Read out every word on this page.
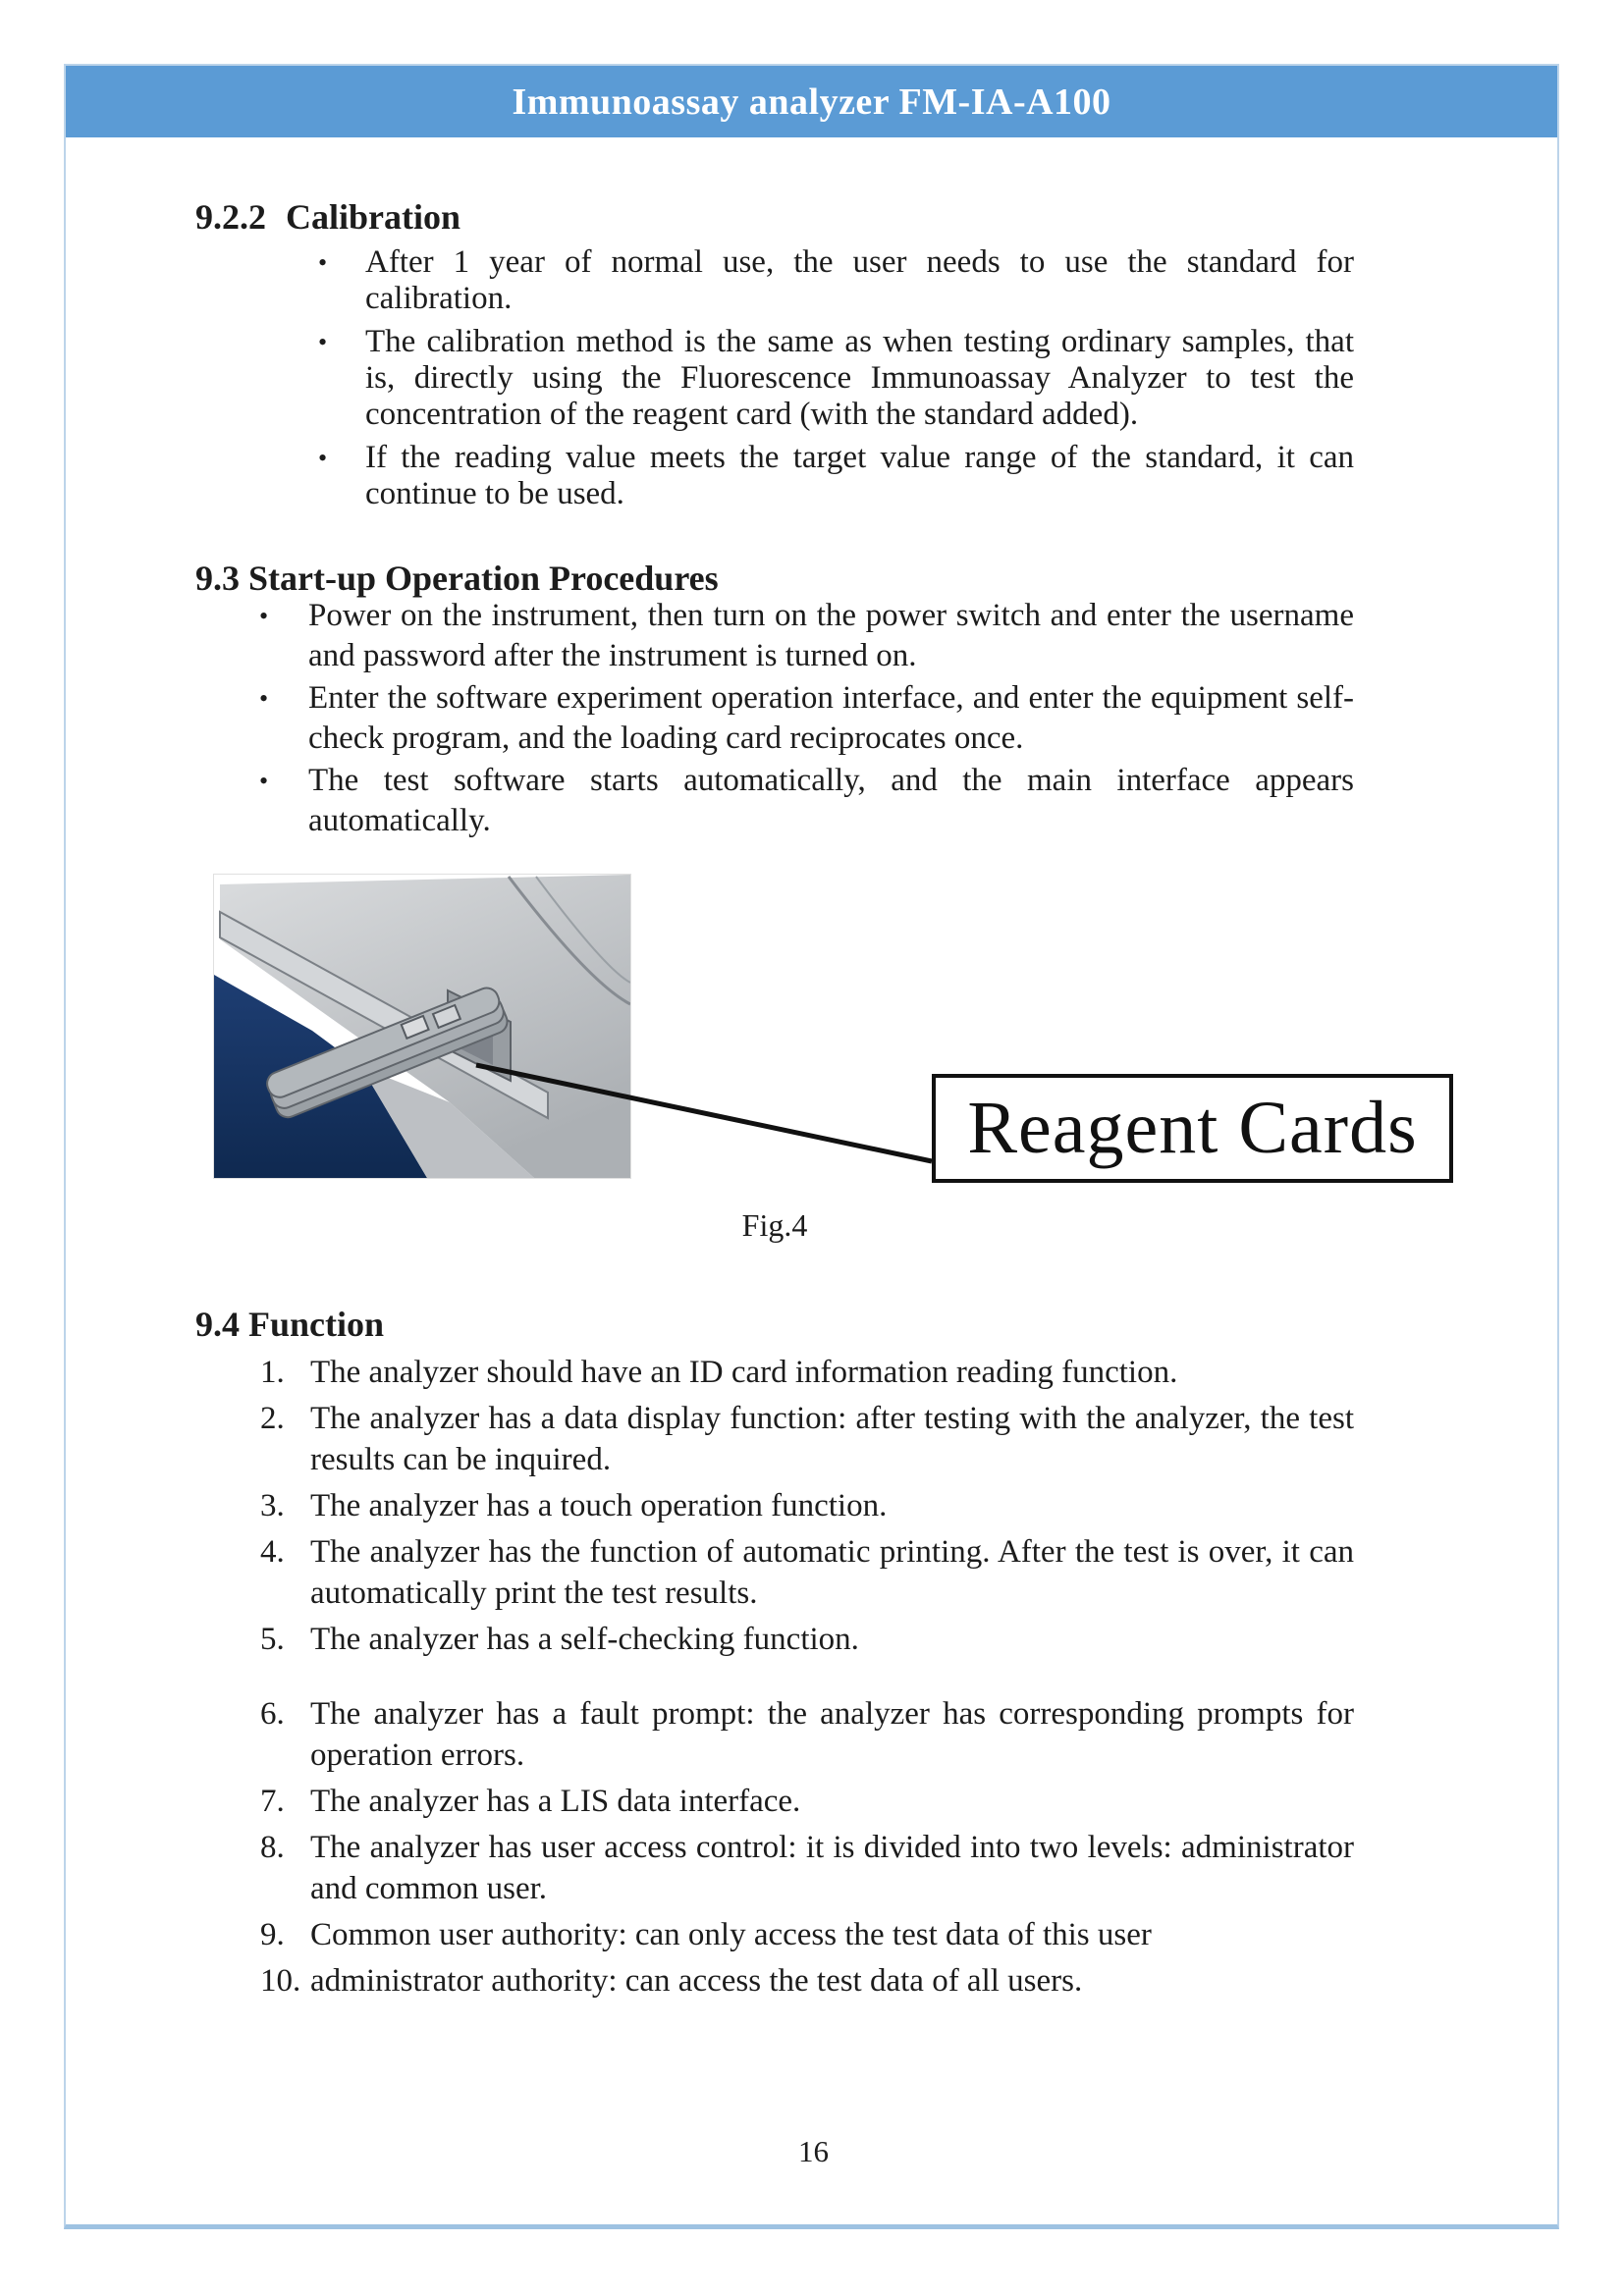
Immunoassay analyzer FM-IA-A100
9.2.2 Calibration
• After 1 year of normal use, the user needs to use the standard for calibration.
• The calibration method is the same as when testing ordinary samples, that is, directly using the Fluorescence Immunoassay Analyzer to test the concentration of the reagent card (with the standard added).
• If the reading value meets the target value range of the standard, it can continue to be used.
9.3 Start-up Operation Procedures
• Power on the instrument, then turn on the power switch and enter the username and password after the instrument is turned on.
• Enter the software experiment operation interface, and enter the equipment self-check program, and the loading card reciprocates once.
• The test software starts automatically, and the main interface appears automatically.
Reagent Cards
Fig.4
9.4 Function
1. The analyzer should have an ID card information reading function.
2. The analyzer has a data display function: after testing with the analyzer, the test results can be inquired.
3. The analyzer has a touch operation function.
4. The analyzer has the function of automatic printing. After the test is over, it can automatically print the test results.
5. The analyzer has a self-checking function.
6. The analyzer has a fault prompt: the analyzer has corresponding prompts for operation errors.
7. The analyzer has a LIS data interface.
8. The analyzer has user access control: it is divided into two levels: administrator and common user.
9. Common user authority: can only access the test data of this user
10. administrator authority: can access the test data of all users.
16
